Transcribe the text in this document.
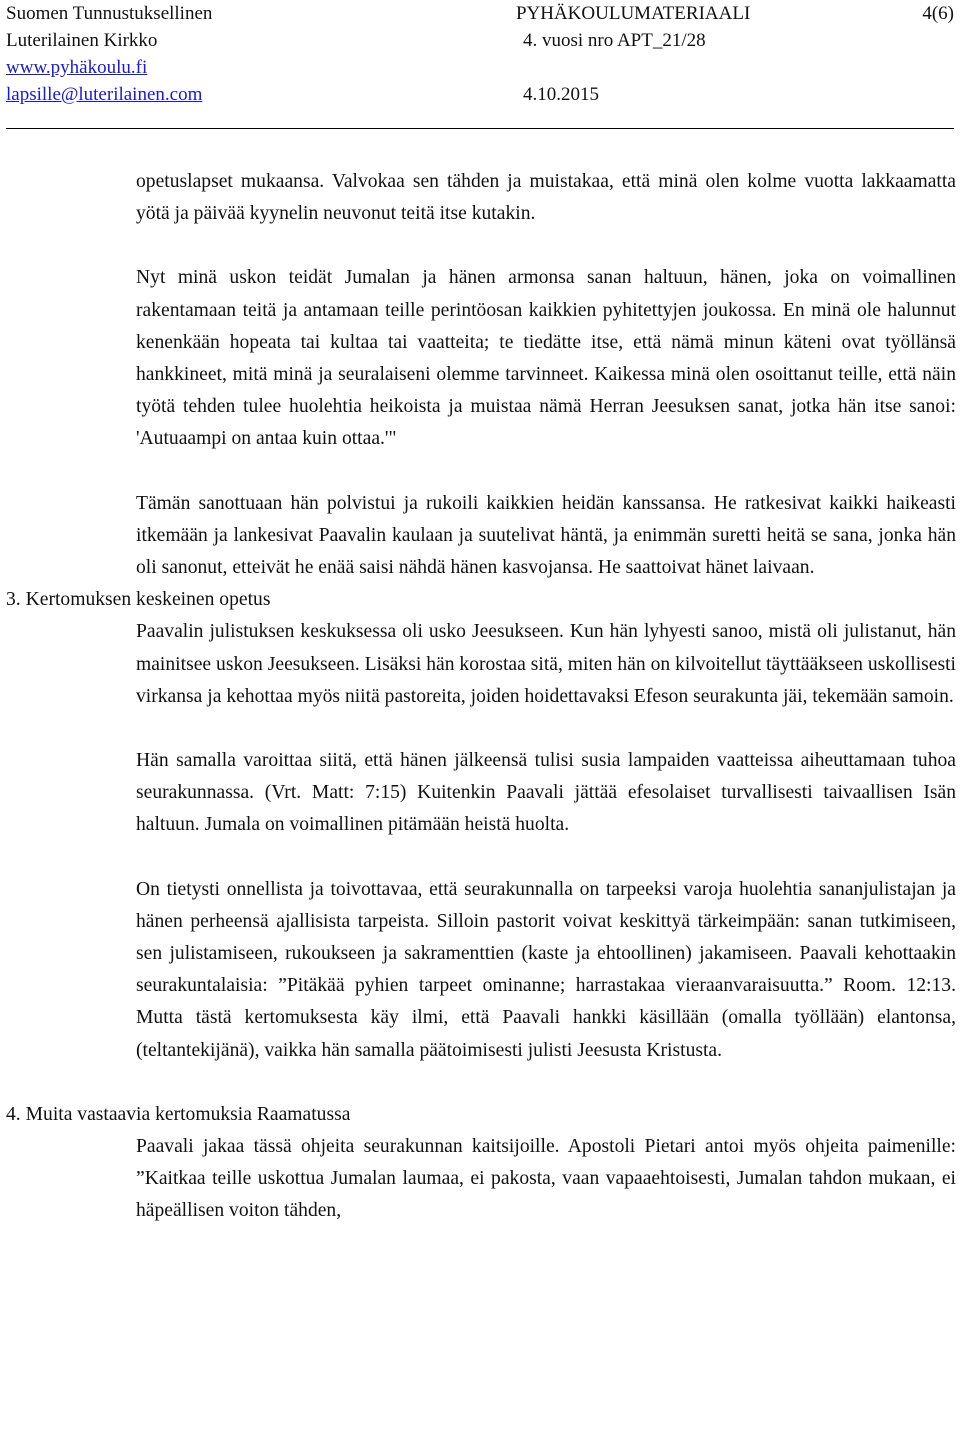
Suomen Tunnustuksellinen	PYHÄKOULUMATERIAALI	4(6)
Luterilainen Kirkko	4. vuosi nro APT_21/28
www.pyhäkoulu.fi
lapsille@luterilainen.com	4.10.2015

opetuslapset mukaansa. Valvokaa sen tähden ja muistakaa, että minä olen kolme vuotta lakkaamatta yötä ja päivää kyynelin neuvonut teitä itse kutakin.

Nyt minä uskon teidät Jumalan ja hänen armonsa sanan haltuun, hänen, joka on voimallinen rakentamaan teitä ja antamaan teille perintöosan kaikkien pyhitettyjen joukossa. En minä ole halunnut kenenkään hopeata tai kultaa tai vaatteita; te tiedätte itse, että nämä minun käteni ovat työllänsä hankkineet, mitä minä ja seuralaiseni olemme tarvinneet. Kaikessa minä olen osoittanut teille, että näin työtä tehden tulee huolehtia heikoista ja muistaa nämä Herran Jeesuksen sanat, jotka hän itse sanoi: 'Autuaampi on antaa kuin ottaa.'"

Tämän sanottuaan hän polvistui ja rukoili kaikkien heidän kanssansa. He ratkesivat kaikki haikeasti itkemään ja lankesivat Paavalin kaulaan ja suutelivat häntä, ja enimmän suretti heitä se sana, jonka hän oli sanonut, etteivät he enää saisi nähdä hänen kasvojansa. He saattoivat hänet laivaan.

3. Kertomuksen keskeinen opetus

Paavalin julistuksen keskuksessa oli usko Jeesukseen. Kun hän lyhyesti sanoo, mistä oli julistanut, hän mainitsee uskon Jeesukseen. Lisäksi hän korostaa sitä, miten hän on kilvoitellut täyttääkseen uskollisesti virkansa ja kehottaa myös niitä pastoreita, joiden hoidettavaksi Efeson seurakunta jäi, tekemään samoin.

Hän samalla varoittaa siitä, että hänen jälkeensä tulisi susia lampaiden vaatteissa aiheuttamaan tuhoa seurakunnassa. (Vrt. Matt: 7:15) Kuitenkin Paavali jättää efesolaiset turvallisesti taivaallisen Isän haltuun. Jumala on voimallinen pitämään heistä huolta.

On tietysti onnellista ja toivottavaa, että seurakunnalla on tarpeeksi varoja huolehtia sananjulistajan ja hänen perheensä ajallisista tarpeista. Silloin pastorit voivat keskittyä tärkeimpään: sanan tutkimiseen, sen julistamiseen, rukoukseen ja sakramenttien (kaste ja ehtoollinen) jakamiseen. Paavali kehottaakin seurakuntalaisia: ”Pitäkää pyhien tarpeet ominanne; harrastakaa vieraanvaraisuutta.” Room. 12:13. Mutta tästä kertomuksesta käy ilmi, että Paavali hankki käsillään (omalla työllään) elantonsa, (teltantekijänä), vaikka hän samalla päätoimisesti julisti Jeesusta Kristusta.

4. Muita vastaavia kertomuksia Raamatussa

Paavali jakaa tässä ohjeita seurakunnan kaitsijoille. Apostoli Pietari antoi myös ohjeita paimenille: ”Kaitkaa teille uskottua Jumalan laumaa, ei pakosta, vaan vapaaehtoisesti, Jumalan tahdon mukaan, ei häpeällisen voiton tähden,
